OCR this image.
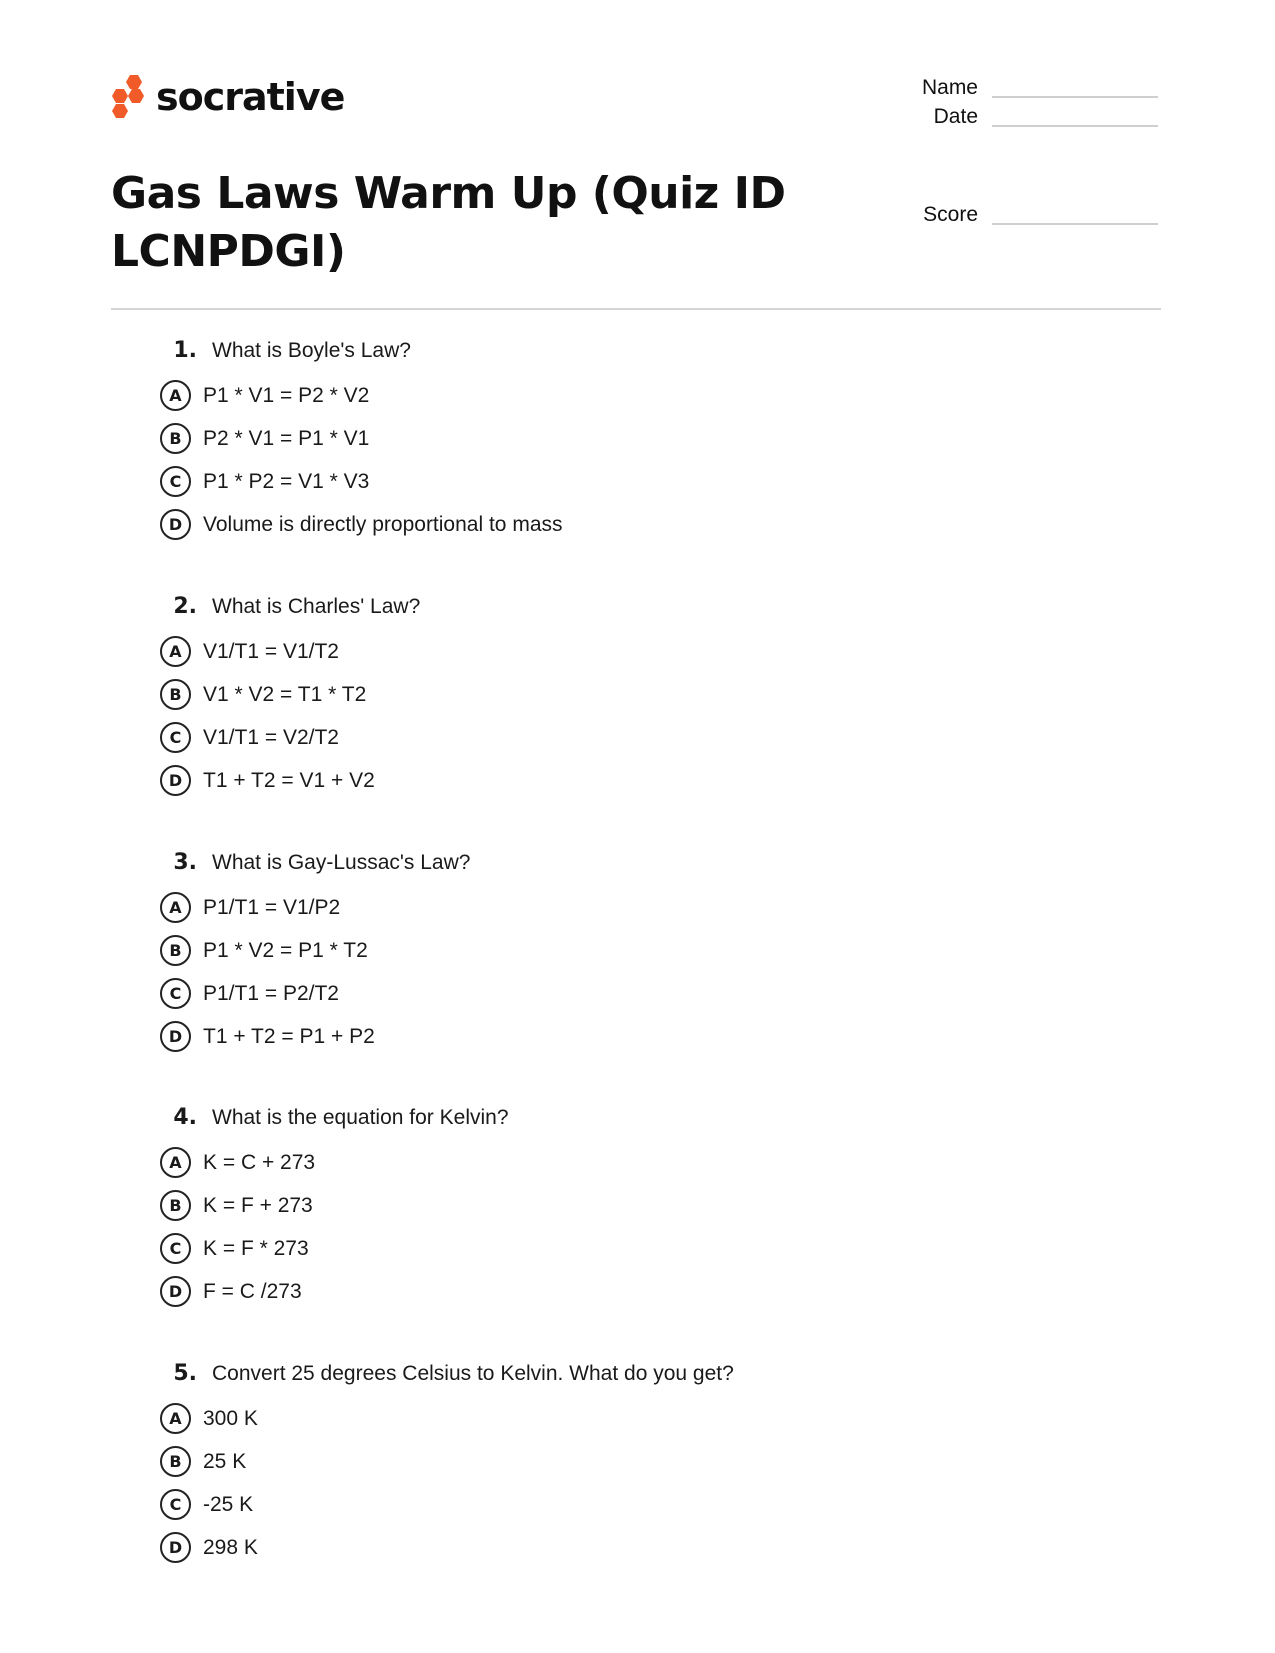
socrative	Name
Date
Score
Gas Laws Warm Up (Quiz ID LCNPDGI)
1. What is Boyle's Law?
A	P1 * V1 = P2 * V2
B	P2 * V1 = P1 * V1
C	P1 * P2 = V1 * V3
D Volume is directly proportional to mass
2. What is Charles' Law?
A	V1/T1 = V1/T2
B	V1 * V2 = T1 * T2
C	V1/T1 = V2/T2
D T1 + T2 = V1 + V2
3. What is Gay-Lussac's Law?
A	P1/T1 = V1/P2
B	P1 * V2 = P1 * T2
C	P1/T1 = P2/T2
D T1 + T2 = P1 + P2
4. What is the equation for Kelvin?
A	K = C + 273
B	K = F + 273
C	K = F * 273
D F = C /273
5. Convert 25 degrees Celsius to Kelvin. What do you get?
A	300 K
B	25 K
C	-25 K
D 298 K
